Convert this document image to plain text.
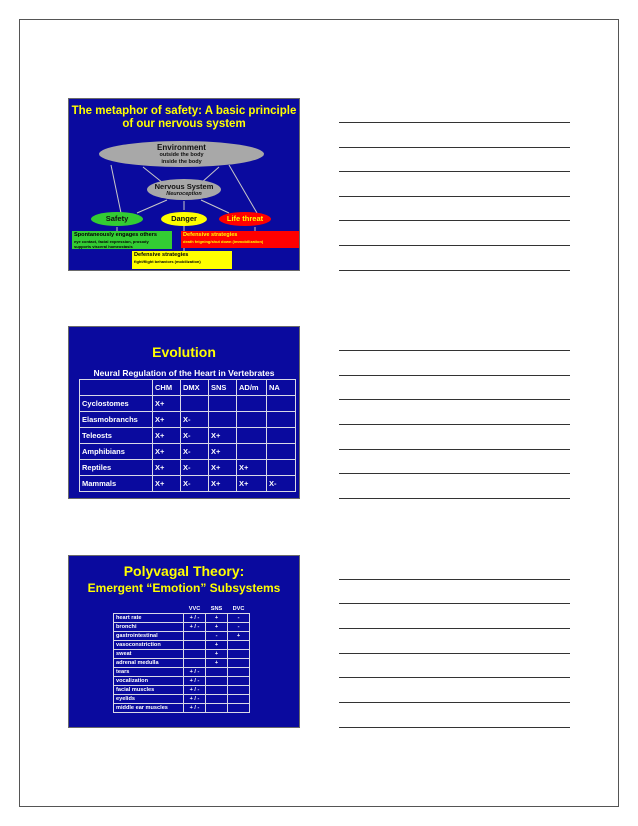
The metaphor of safety: A basic principle
of our nervous system
Environment
outside the body
inside the body
Nervous System
Neuroception
Safety	Danger	Life threat
Spontaneously engages others
eye contact, facial expression, prosody
supports visceral homeostasis
Defensive strategies
death feigning/shut down (immobilization)
Defensive strategies
fight/flight behaviors (mobilization)
Evolution
Neural Regulation of the Heart in Vertebrates
	CHM	DMX	SNS	AD/m	NA
Cyclostomes	X+				
Elasmobranchs	X+	X-			
Teleosts	X+	X-	X+		
Amphibians	X+	X-	X+		
Reptiles	X+	X-	X+	X+	
Mammals	X+	X-	X+	X+	X-
Polyvagal Theory:
Emergent “Emotion” Subsystems
	VVC	SNS	DVC
heart rate	+ / -	+	-
bronchi	+ / -	+	-
gastrointestinal		-	+
vasoconstriction		+	
sweat		+	
adrenal medulla		+	
tears	+ / -		
vocalization	+ / -		
facial muscles	+ / -		
eyelids	+ / -		
middle ear muscles	+ / -		
